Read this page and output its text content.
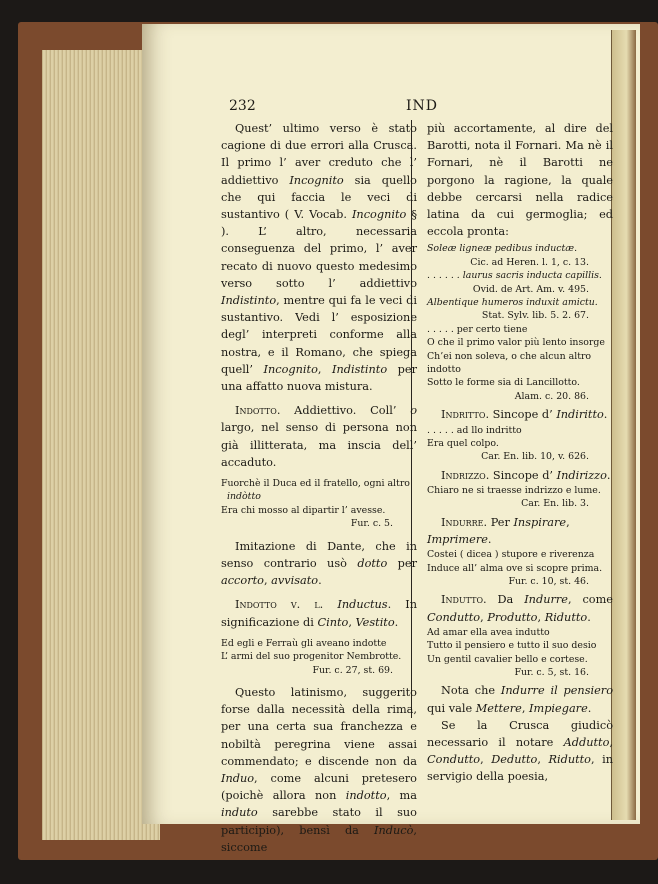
232	IND

Quest’ ultimo verso è stato cagione di due errori alla Crusca. Il primo l’ aver creduto che l’ addiettivo Incognito sia quello che qui faccia le veci di sustantivo ( V. Vocab. Incognito § ). L’ altro, necessaria conseguenza del primo, l’ aver recato di nuovo questo medesimo verso sotto l’ addiettivo Indistinto, mentre qui fa le veci di sustantivo. Vedi l’ esposizione degl’ interpreti conforme alla nostra, e il Romano, che spiega quell’ Incognito, Indistinto per una affatto nuova mistura.

Indotto. Addiettivo. Coll’ o largo, nel senso di persona non già illitterata, ma inscia dell’ accaduto.

Fuorchè il Duca ed il fratello, ogni altro

indòtto

Era chi mosso al dipartir l’ avesse.

Fur. c. 5.

Imitazione di Dante, che in senso contrario usò dotto per accorto, avvisato.

Indotto v. l. Inductus. In significazione di Cinto, Vestito.

Ed egli e Ferraù gli aveano indotte

L’ armi del suo progenitor Nembrotte.

Fur. c. 27, st. 69.

Questo latinismo, suggerito forse dalla necessità della rima, per una certa sua franchezza e nobiltà peregrina viene assai commendato; e discende non da Induo, come alcuni pretesero (poichè allora non indotto, ma induto sarebbe stato il suo participio), bensì da Inducò, siccome

più accortamente, al dire del Barotti, nota il Fornari. Ma nè il Fornari, nè il Barotti ne porgono la ragione, la quale debbe cercarsi nella radice latina da cui germoglia; ed eccola pronta:

Soleæ ligneæ pedibus inductæ.

Cic. ad Heren. l. 1, c. 13.

. . . . . . laurus sacris inducta capillis.

Ovid. de Art. Am. v. 495.

Albentique humeros induxit amictu.

Stat. Sylv. lib. 5. 2. 67.

. . . . . per certo tiene

O che il primo valor più lento insorge

Ch’ei non soleva, o che alcun altro indotto

Sotto le forme sia di Lancillotto.

Alam. c. 20. 86.

Indritto. Sincope d’ Indiritto.

. . . . . ad llo indritto

Era quel colpo.

Car. En. lib. 10, v. 626.

Indrizzo. Sincope d’ Indirizzo.

Chiaro ne si traesse indrizzo e lume.

Car. En. lib. 3.

Indurre. Per Inspirare, Imprimere.

Costei ( dicea ) stupore e riverenza

Induce all’ alma ove si scopre prima.

Fur. c. 10, st. 46.

Indutto. Da Indurre, come Condutto, Produtto, Ridutto.

Ad amar ella avea indutto

Tutto il pensiero e tutto il suo desio

Un gentil cavalier bello e cortese.

Fur. c. 5, st. 16.

Nota che Indurre il pensiero qui vale Mettere, Impiegare.

Se la Crusca giudicò necessario il notare Addutto, Condutto, Dedutto, Ridutto, in servigio della poesia,
